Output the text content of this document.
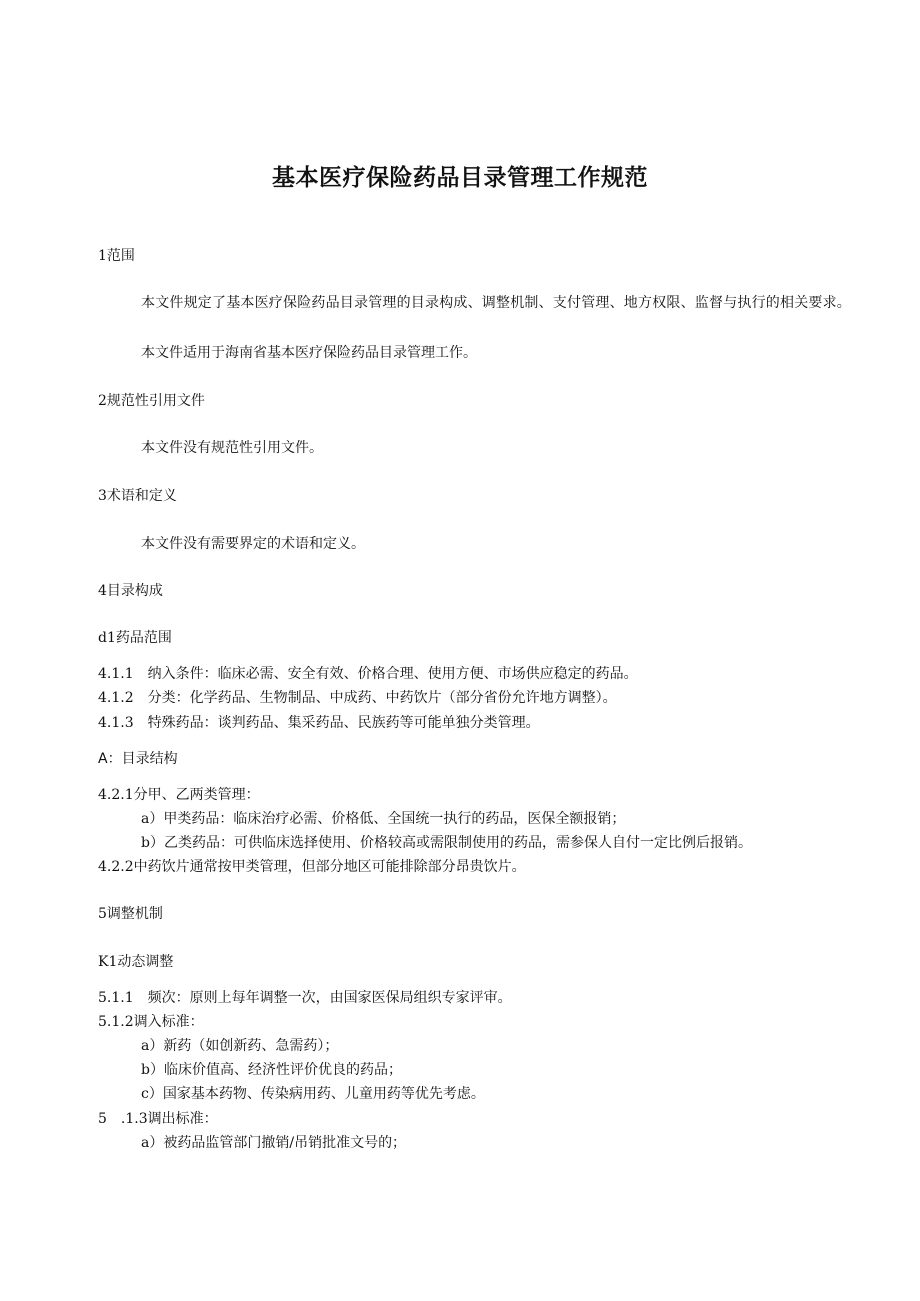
基本医疗保险药品目录管理工作规范
1范围
本文件规定了基本医疗保险药品目录管理的目录构成、调整机制、支付管理、地方权限、监督与执行的相关要求。
本文件适用于海南省基本医疗保险药品目录管理工作。
2规范性引用文件
本文件没有规范性引用文件。
3术语和定义
本文件没有需要界定的术语和定义。
4目录构成
d1药品范围
4.1.1　纳入条件：临床必需、安全有效、价格合理、使用方便、市场供应稳定的药品。
4.1.2　分类：化学药品、生物制品、中成药、中药饮片（部分省份允许地方调整）。
4.1.3　特殊药品：谈判药品、集采药品、民族药等可能单独分类管理。
A：目录结构
4.2.1分甲、乙两类管理：
a）甲类药品：临床治疗必需、价格低、全国统一执行的药品，医保全额报销；
b）乙类药品：可供临床选择使用、价格较高或需限制使用的药品，需参保人自付一定比例后报销。
4.2.2中药饮片通常按甲类管理，但部分地区可能排除部分昂贵饮片。
5调整机制
K1动态调整
5.1.1　频次：原则上每年调整一次，由国家医保局组织专家评审。
5.1.2调入标准：
a）新药（如创新药、急需药）；
b）临床价值高、经济性评价优良的药品；
c）国家基本药物、传染病用药、儿童用药等优先考虑。
5　.1.3调出标准：
a）被药品监管部门撤销/吊销批准文号的；
